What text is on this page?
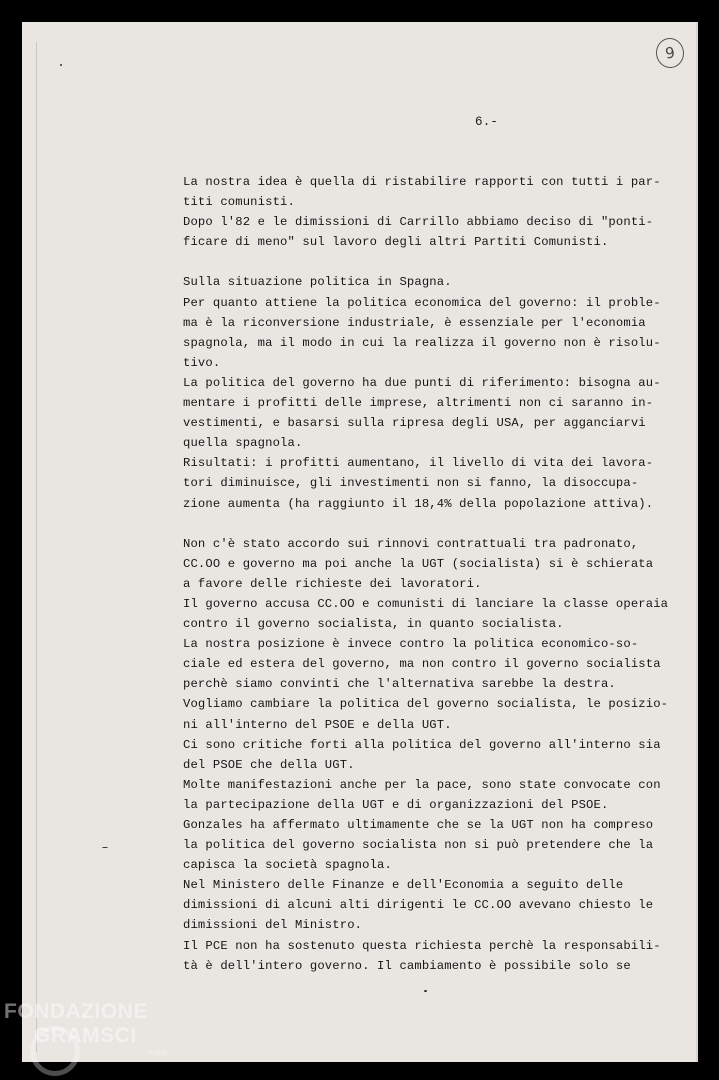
9
6.-
La nostra idea è quella di ristabilire rapporti con tutti i par-
titi comunisti.
Dopo l'82 e le dimissioni di Carrillo abbiamo deciso di "ponti-
ficare di meno" sul lavoro degli altri Partiti Comunisti.
Sulla situazione politica in Spagna.
Per quanto attiene la politica economica del governo: il proble-
ma è la riconversione industriale, è essenziale per l'economia
spagnola, ma il modo in cui la realizza il governo non è risolu-
tivo.
La politica del governo ha due punti di riferimento: bisogna au-
mentare i profitti delle imprese, altrimenti non ci saranno in-
vestimenti, e basarsi sulla ripresa degli USA, per agganciarvi
quella spagnola.
Risultati: i profitti aumentano, il livello di vita dei lavora-
tori diminuisce, gli investimenti non si fanno, la disoccupa-
zione aumenta (ha raggiunto il 18,4% della popolazione attiva).
Non c'è stato accordo sui rinnovi contrattuali tra padronato,
CC.OO e governo ma poi anche la UGT (socialista) si è schierata
a favore delle richieste dei lavoratori.
Il governo accusa CC.OO e comunisti di lanciare la classe operaia
contro il governo socialista, in quanto socialista.
La nostra posizione è invece contro la politica economico-so-
ciale ed estera del governo, ma non contro il governo socialista
perchè siamo convinti che l'alternativa sarebbe la destra.
Vogliamo cambiare la politica del governo socialista, le posizio-
ni all'interno del PSOE e della UGT.
Ci sono critiche forti alla politica del governo all'interno sia
del PSOE che della UGT.
Molte manifestazioni anche per la pace, sono state convocate con
la partecipazione della UGT e di organizzazioni del PSOE.
Gonzales ha affermato ultimamente che se la UGT non ha compreso
la politica del governo socialista non si può pretendere che la
capisca la società spagnola.
Nel Ministero delle Finanze e dell'Economia a seguito delle
dimissioni di alcuni alti dirigenti le CC.OO avevano chiesto le
dimissioni del Ministro.
Il PCE non ha sostenuto questa richiesta perchè la responsabili-
tà è dell'intero governo. Il cambiamento è possibile solo se
FONDAZIONE
GRAMSCI
onlus
